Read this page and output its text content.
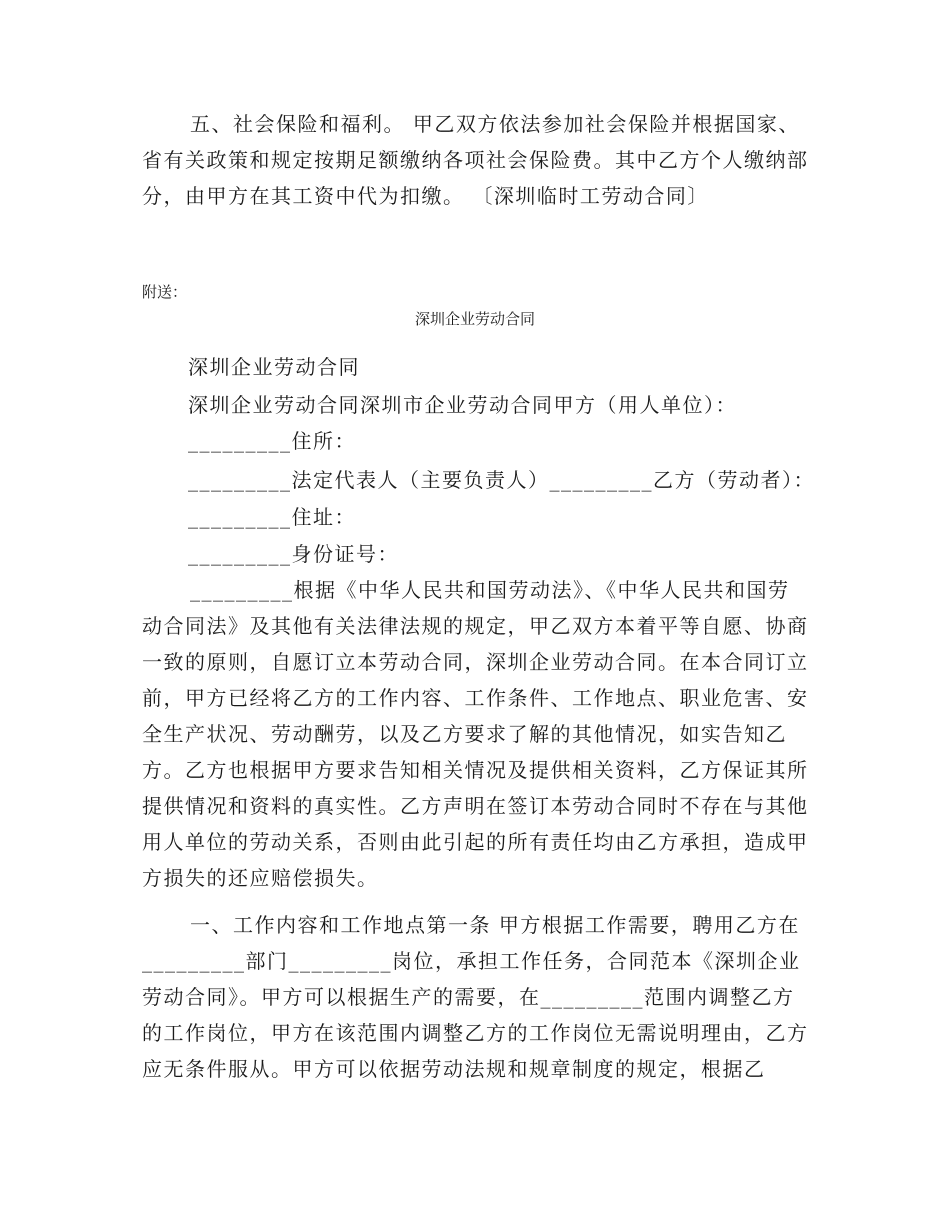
五、社会保险和福利。 甲乙双方依法参加社会保险并根据国家、省有关政策和规定按期足额缴纳各项社会保险费。其中乙方个人缴纳部分，由甲方在其工资中代为扣缴。 〔深圳临时工劳动合同〕

附送：

深圳企业劳动合同

深圳企业劳动合同

深圳企业劳动合同深圳市企业劳动合同甲方（用人单位）：

_________住所：

_________法定代表人（主要负责人）_________乙方（劳动者）：

_________住址：

_________身份证号：

_________根据《中华人民共和国劳动法》、《中华人民共和国劳动合同法》及其他有关法律法规的规定，甲乙双方本着平等自愿、协商一致的原则，自愿订立本劳动合同，深圳企业劳动合同。在本合同订立前，甲方已经将乙方的工作内容、工作条件、工作地点、职业危害、安全生产状况、劳动酬劳，以及乙方要求了解的其他情况，如实告知乙方。乙方也根据甲方要求告知相关情况及提供相关资料，乙方保证其所提供情况和资料的真实性。乙方声明在签订本劳动合同时不存在与其他用人单位的劳动关系，否则由此引起的所有责任均由乙方承担，造成甲方损失的还应赔偿损失。

一、工作内容和工作地点第一条 甲方根据工作需要，聘用乙方在_________部门_________岗位，承担工作任务，合同范本《深圳企业劳动合同》。甲方可以根据生产的需要，在_________范围内调整乙方的工作岗位，甲方在该范围内调整乙方的工作岗位无需说明理由，乙方应无条件服从。甲方可以依据劳动法规和规章制度的规定，根据乙
